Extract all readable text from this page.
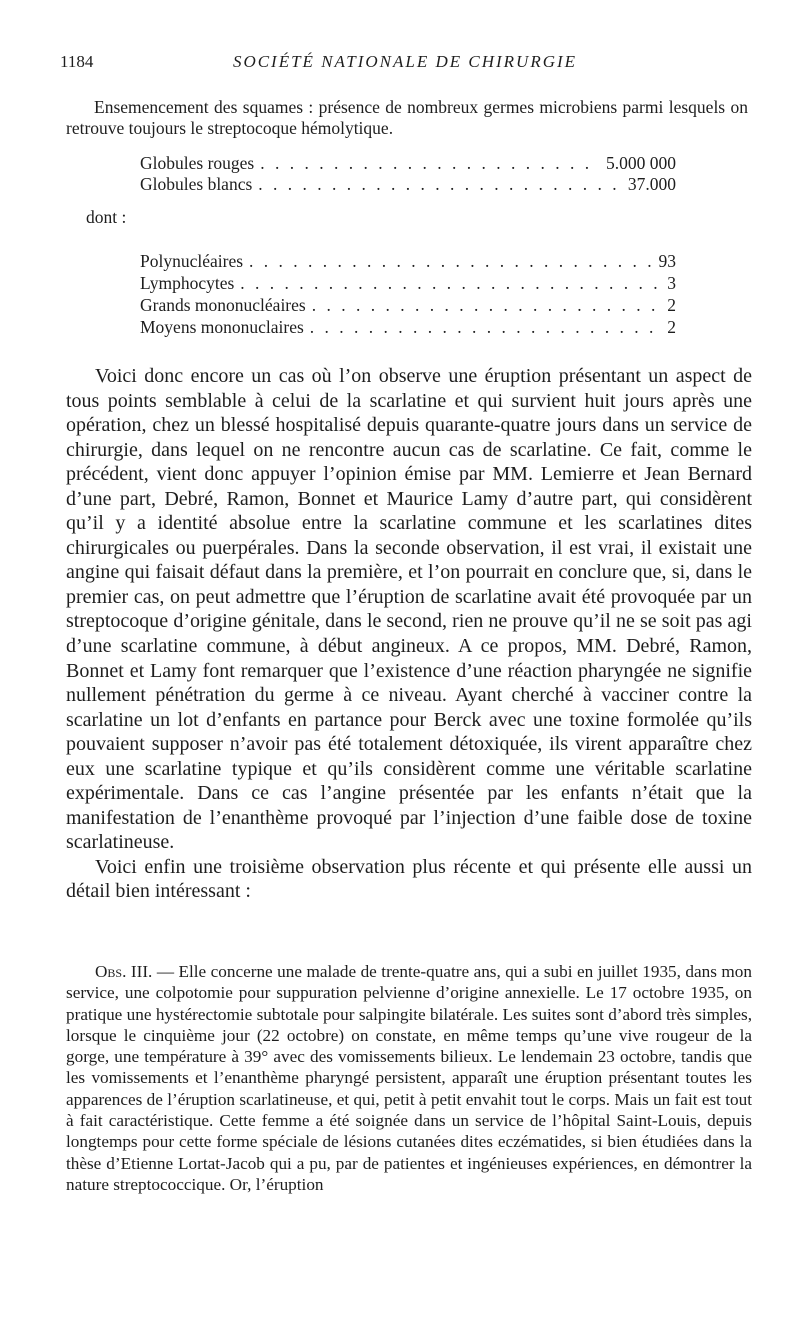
1184	SOCIÉTÉ NATIONALE DE CHIRURGIE
Ensemencement des squames : présence de nombreux germes microbiens parmi lesquels on retrouve toujours le streptocoque hémolytique.
Globules rouges . . .	5.000 000
Globules blancs . . .	37.000
dont :
Polynucléaires . . .	93
Lymphocytes . . .	3
Grands mononucléaires . . .	2
Moyens mononuclaires . . .	2

Voici donc encore un cas où l’on observe une éruption présentant un aspect de tous points semblable à celui de la scarlatine et qui survient huit jours après une opération, chez un blessé hospitalisé depuis quarante-quatre jours dans un service de chirurgie, dans lequel on ne rencontre aucun cas de scarlatine. Ce fait, comme le précédent, vient donc appuyer l’opinion émise par MM. Lemierre et Jean Bernard d’une part, Debré, Ramon, Bonnet et Maurice Lamy d’autre part, qui considèrent qu’il y a identité absolue entre la scarlatine commune et les scarlatines dites chirurgicales ou puerpérales. Dans la seconde observation, il est vrai, il existait une angine qui faisait défaut dans la première, et l’on pourrait en conclure que, si, dans le premier cas, on peut admettre que l’éruption de scarlatine avait été provoquée par un streptocoque d’origine génitale, dans le second, rien ne prouve qu’il ne se soit pas agi d’une scarlatine commune, à début angineux. A ce propos, MM. Debré, Ramon, Bonnet et Lamy font remarquer que l’existence d’une réaction pharyngée ne signifie nullement pénétration du germe à ce niveau. Ayant cherché à vacciner contre la scarlatine un lot d’enfants en partance pour Berck avec une toxine formolée qu’ils pouvaient supposer n’avoir pas été totalement détoxiquée, ils virent apparaître chez eux une scarlatine typique et qu’ils considèrent comme une véritable scarlatine expérimentale. Dans ce cas l’angine présentée par les enfants n’était que la manifestation de l’enanthème provoqué par l’injection d’une faible dose de toxine scarlatineuse.

Voici enfin une troisième observation plus récente et qui présente elle aussi un détail bien intéressant :

Obs. III. — Elle concerne une malade de trente-quatre ans, qui a subi en juillet 1935, dans mon service, une colpotomie pour suppuration pelvienne d’origine annexielle. Le 17 octobre 1935, on pratique une hystérectomie subtotale pour salpingite bilatérale. Les suites sont d’abord très simples, lorsque le cinquième jour (22 octobre) on constate, en même temps qu’une vive rougeur de la gorge, une température à 39° avec des vomissements bilieux. Le lendemain 23 octobre, tandis que les vomissements et l’enanthème pharyngé persistent, apparaît une éruption présentant toutes les apparences de l’éruption scarlatineuse, et qui, petit à petit envahit tout le corps. Mais un fait est tout à fait caractéristique. Cette femme a été soignée dans un service de l’hôpital Saint-Louis, depuis longtemps pour cette forme spéciale de lésions cutanées dites eczématides, si bien étudiées dans la thèse d’Etienne Lortat-Jacob qui a pu, par de patientes et ingénieuses expériences, en démontrer la nature streptococcique. Or, l’éruption
